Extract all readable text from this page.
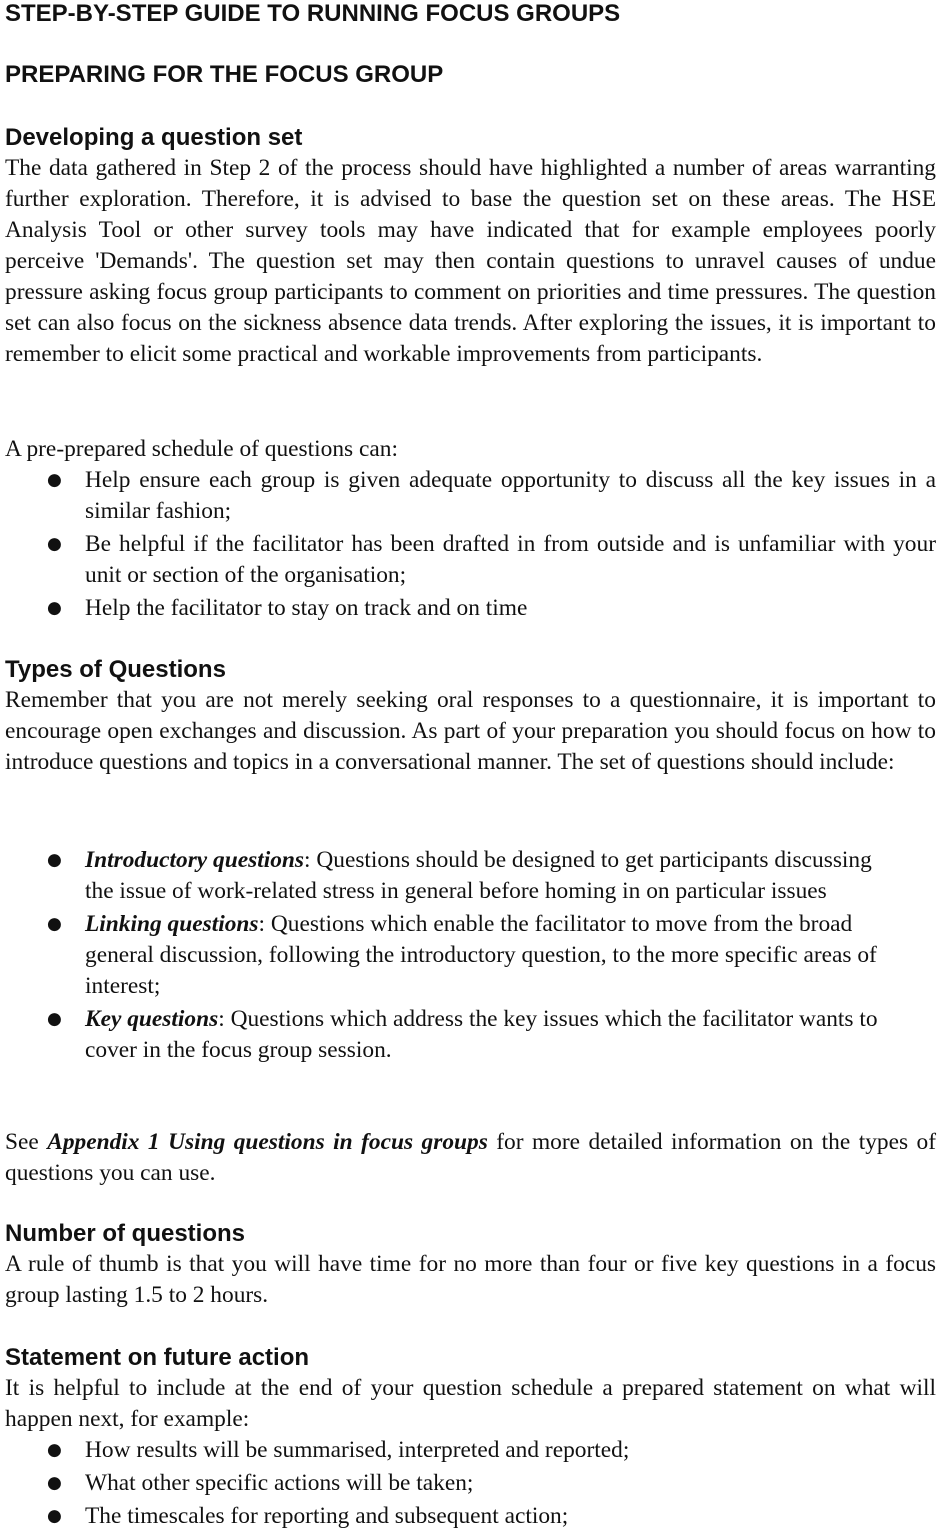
STEP-BY-STEP GUIDE TO RUNNING FOCUS GROUPS
PREPARING FOR THE FOCUS GROUP
Developing a question set

The data gathered in Step 2 of the process should have highlighted a number of areas warranting further exploration. Therefore, it is advised to base the question set on these areas. The HSE Analysis Tool or other survey tools may have indicated that for example employees poorly perceive 'Demands'. The question set may then contain questions to unravel causes of undue pressure asking focus group participants to comment on priorities and time pressures. The question set can also focus on the sickness absence data trends. After exploring the issues, it is important to remember to elicit some practical and workable improvements from participants.

A pre-prepared schedule of questions can:

● Help ensure each group is given adequate opportunity to discuss all the key issues in a similar fashion;
● Be helpful if the facilitator has been drafted in from outside and is unfamiliar with your unit or section of the organisation;
● Help the facilitator to stay on track and on time
Types of Questions

Remember that you are not merely seeking oral responses to a questionnaire, it is important to encourage open exchanges and discussion. As part of your preparation you should focus on how to introduce questions and topics in a conversational manner. The set of questions should include:

● Introductory questions: Questions should be designed to get participants discussing the issue of work-related stress in general before homing in on particular issues
● Linking questions: Questions which enable the facilitator to move from the broad general discussion, following the introductory question, to the more specific areas of interest;
● Key questions: Questions which address the key issues which the facilitator wants to cover in the focus group session.

See Appendix 1 Using questions in focus groups for more detailed information on the types of questions you can use.

Number of questions

A rule of thumb is that you will have time for no more than four or five key questions in a focus group lasting 1.5 to 2 hours.

Statement on future action

It is helpful to include at the end of your question schedule a prepared statement on what will happen next, for example:

● How results will be summarised, interpreted and reported;
● What other specific actions will be taken;
● The timescales for reporting and subsequent action;
